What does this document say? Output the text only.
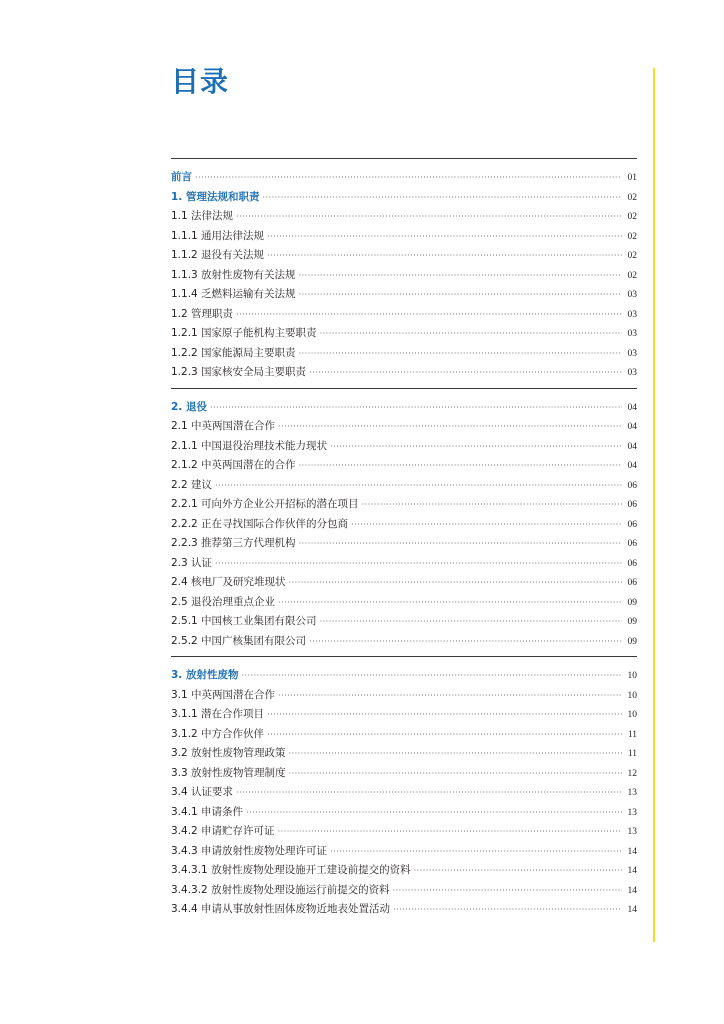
目录
前言 ·····	01
1. 管理法规和职责 ·····	02
1.1 法律法规 ·····	02
1.1.1 通用法律法规 ·····	02
1.1.2 退役有关法规 ·····	02
1.1.3 放射性废物有关法规 ·····	02
1.1.4 乏燃料运输有关法规 ·····	03
1.2 管理职责 ·····	03
1.2.1 国家原子能机构主要职责 ·····	03
1.2.2 国家能源局主要职责 ·····	03
1.2.3 国家核安全局主要职责 ·····	03
2. 退役 ·····	04
2.1 中英两国潜在合作 ·····	04
2.1.1 中国退役治理技术能力现状 ·····	04
2.1.2 中英两国潜在的合作 ·····	04
2.2 建议 ·····	06
2.2.1 可向外方企业公开招标的潜在项目 ·····	06
2.2.2 正在寻找国际合作伙伴的分包商 ·····	06
2.2.3 推荐第三方代理机构 ·····	06
2.3 认证 ·····	06
2.4 核电厂及研究堆现状 ·····	06
2.5 退役治理重点企业 ·····	09
2.5.1 中国核工业集团有限公司 ·····	09
2.5.2 中国广核集团有限公司 ·····	09
3. 放射性废物 ·····	10
3.1 中英两国潜在合作 ·····	10
3.1.1 潜在合作项目 ·····	10
3.1.2 中方合作伙伴 ·····	11
3.2 放射性废物管理政策 ·····	11
3.3 放射性废物管理制度 ·····	12
3.4 认证要求 ·····	13
3.4.1 申请条件 ·····	13
3.4.2 申请贮存许可证 ·····	13
3.4.3 申请放射性废物处理许可证 ·····	14
3.4.3.1 放射性废物处理设施开工建设前提交的资料 ·····	14
3.4.3.2 放射性废物处理设施运行前提交的资料 ·····	14
3.4.4 申请从事放射性固体废物近地表处置活动 ·····	14
